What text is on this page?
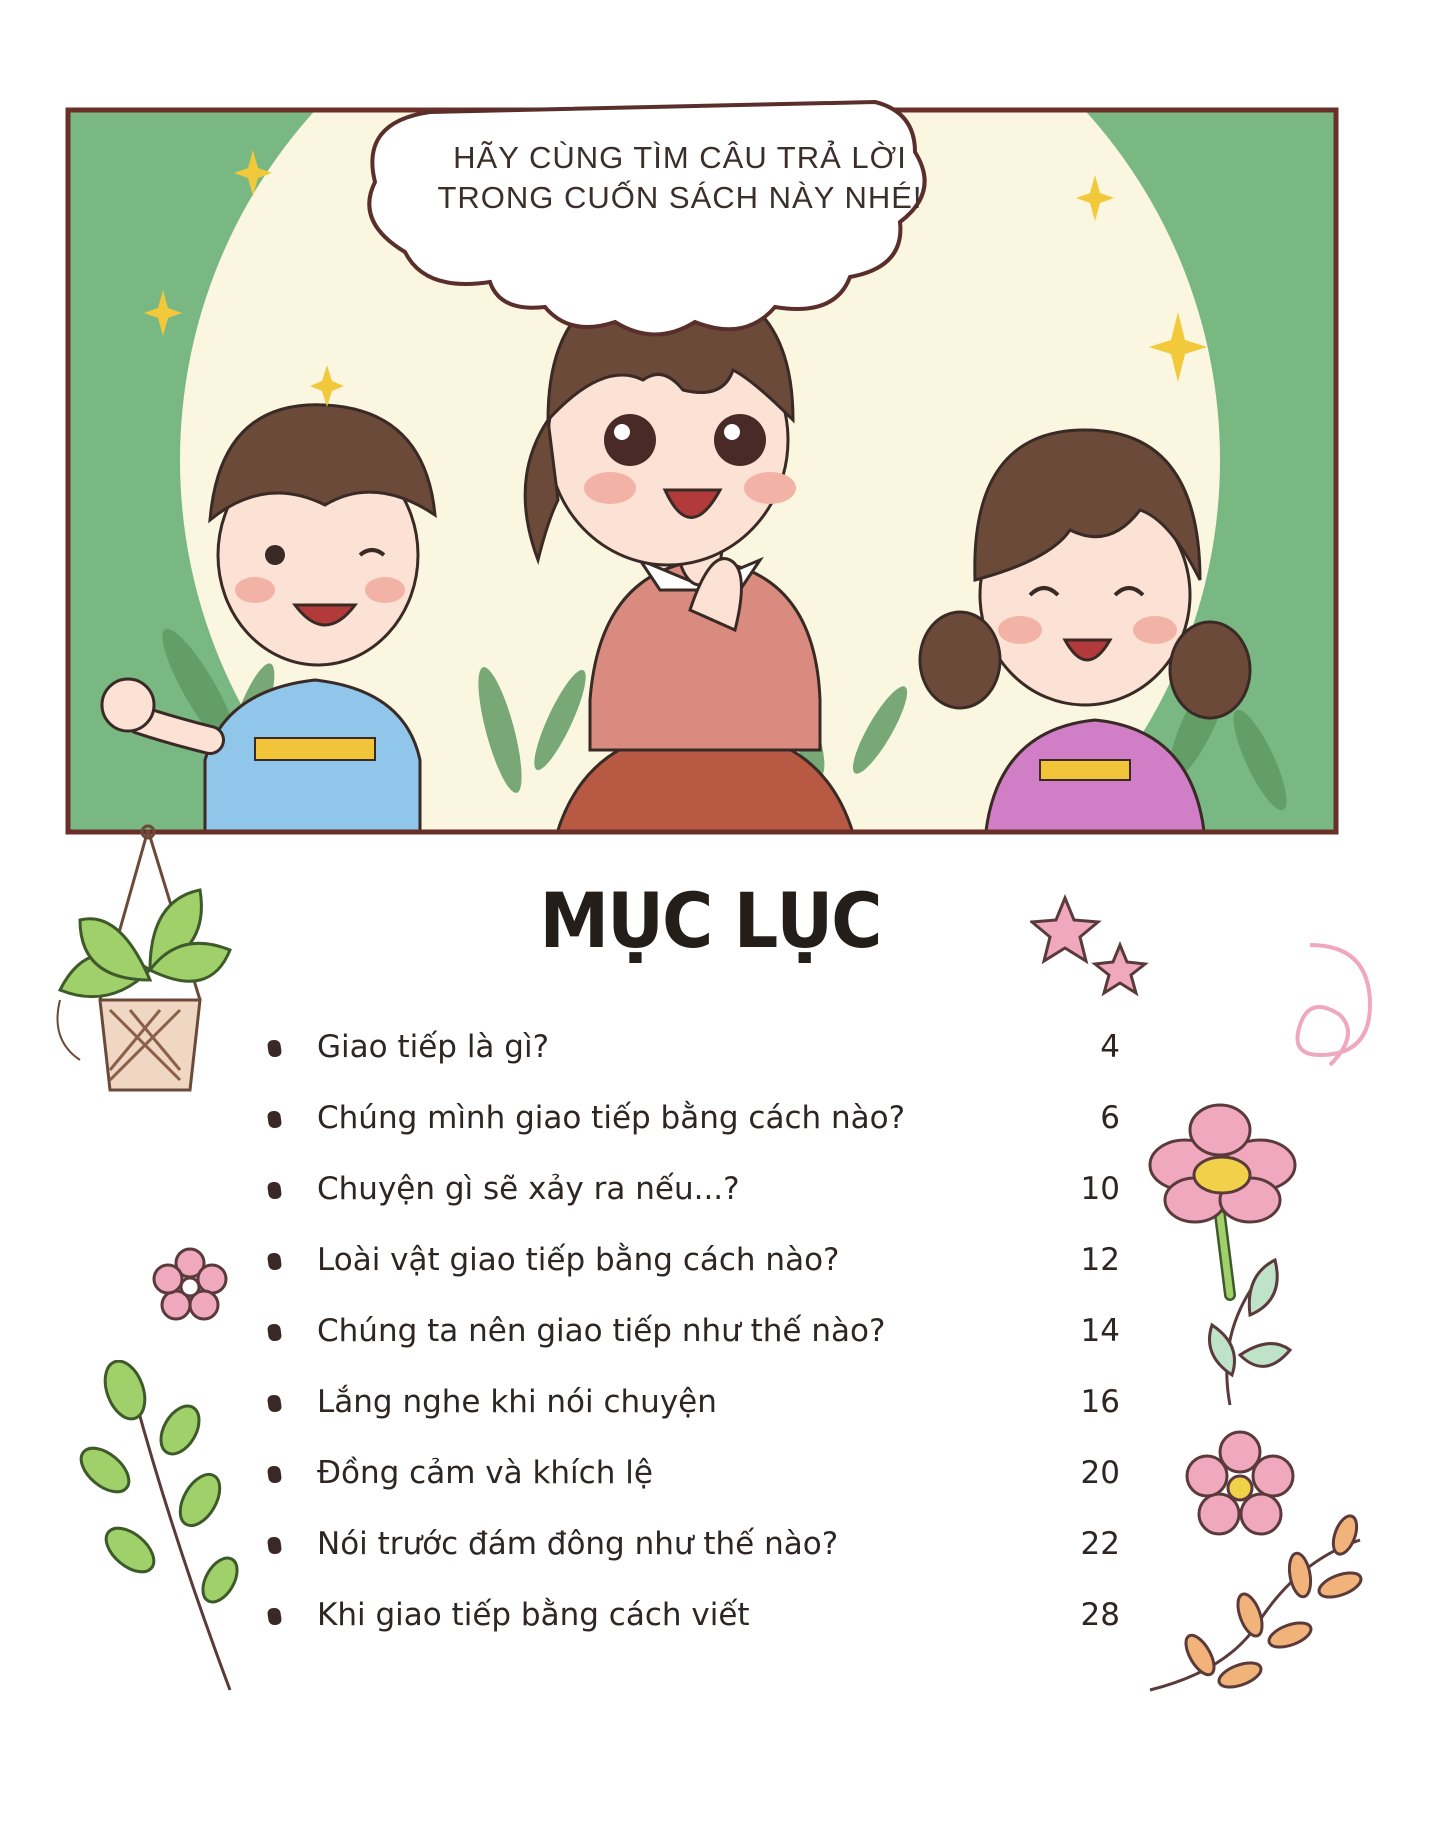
HÃY CÙNG TÌM CÂU TRẢ LỜI
TRONG CUỐN SÁCH NÀY NHÉ!
MỤC LỤC
Giao tiếp là gì?	4
Chúng mình giao tiếp bằng cách nào?	6
Chuyện gì sẽ xảy ra nếu...?	10
Loài vật giao tiếp bằng cách nào?	12
Chúng ta nên giao tiếp như thế nào?	14
Lắng nghe khi nói chuyện	16
Đồng cảm và khích lệ	20
Nói trước đám đông như thế nào?	22
Khi giao tiếp bằng cách viết	28
